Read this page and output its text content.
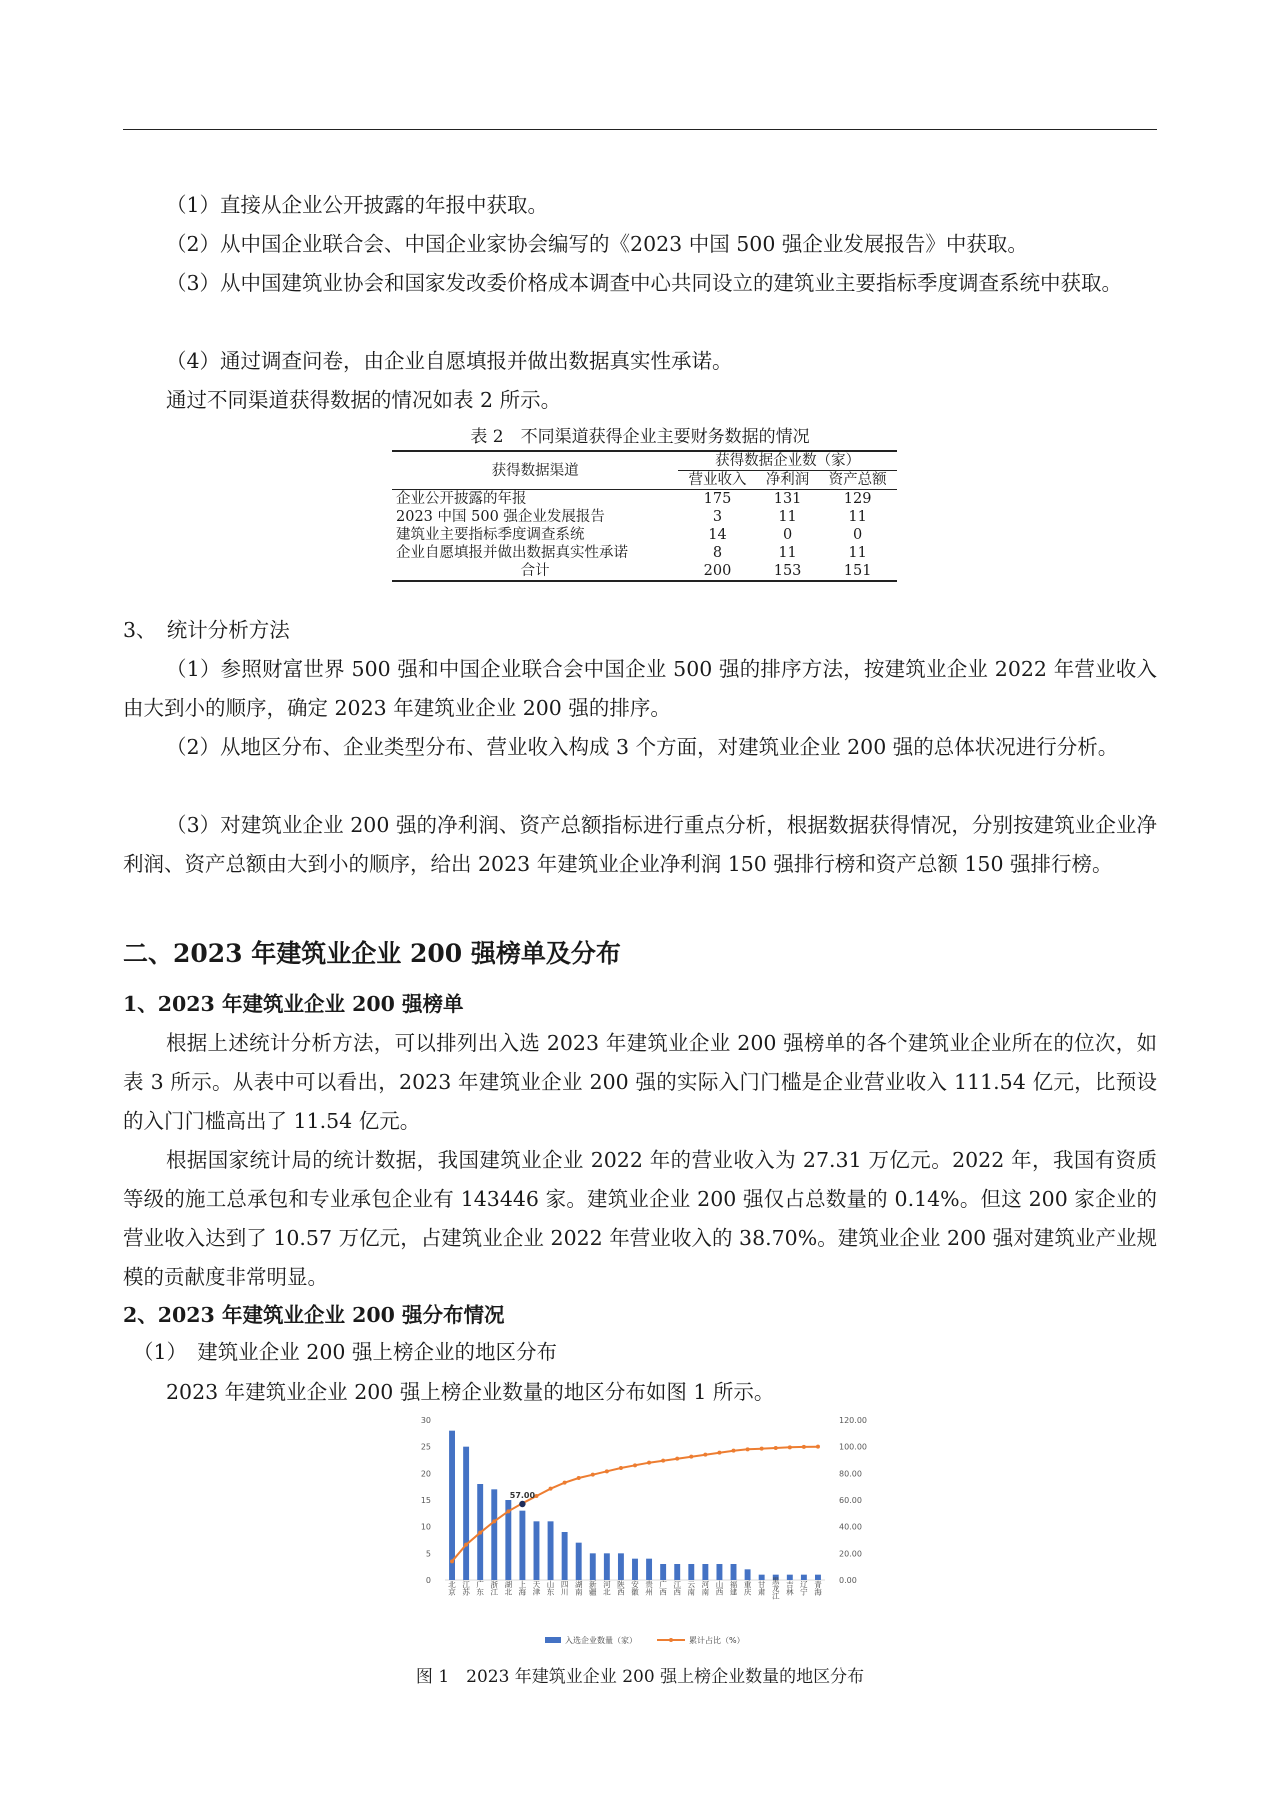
（1）直接从企业公开披露的年报中获取。

（2）从中国企业联合会、中国企业家协会编写的《2023 中国 500 强企业发展报告》中获取。

（3）从中国建筑业协会和国家发改委价格成本调查中心共同设立的建筑业主要指标季度调查系统中获取。

（4）通过调查问卷，由企业自愿填报并做出数据真实性承诺。

通过不同渠道获得数据的情况如表 2 所示。

表 2　不同渠道获得企业主要财务数据的情况
获得数据渠道	获得数据企业数（家）		
	营业收入	净利润	资产总额
企业公开披露的年报	175	131	129
2023 中国 500 强企业发展报告	3	11	11
建筑业主要指标季度调查系统	14	0	0
企业自愿填报并做出数据真实性承诺	8	11	11
合计	200	153	151
3、　统计分析方法

（1）参照财富世界 500 强和中国企业联合会中国企业 500 强的排序方法，按建筑业企业 2022 年营业收入由大到小的顺序，确定 2023 年建筑业企业 200 强的排序。

（2）从地区分布、企业类型分布、营业收入构成 3 个方面，对建筑业企业 200 强的总体状况进行分析。

（3）对建筑业企业 200 强的净利润、资产总额指标进行重点分析，根据数据获得情况，分别按建筑业企业净利润、资产总额由大到小的顺序，给出 2023 年建筑业企业净利润 150 强排行榜和资产总额 150 强排行榜。

二、2023 年建筑业企业 200 强榜单及分布
1、2023 年建筑业企业 200 强榜单

根据上述统计分析方法，可以排列出入选 2023 年建筑业企业 200 强榜单的各个建筑业企业所在的位次，如表 3 所示。从表中可以看出，2023 年建筑业企业 200 强的实际入门门槛是企业营业收入 111.54 亿元，比预设的入门门槛高出了 11.54 亿元。

根据国家统计局的统计数据，我国建筑业企业 2022 年的营业收入为 27.31 万亿元。2022 年，我国有资质等级的施工总承包和专业承包企业有 143446 家。建筑业企业 200 强仅占总数量的 0.14%。但这 200 家企业的营业收入达到了 10.57 万亿元，占建筑业企业 2022 年营业收入的 38.70%。建筑业企业 200 强对建筑业产业规模的贡献度非常明显。

2、2023 年建筑业企业 200 强分布情况
（1）　建筑业企业 200 强上榜企业的地区分布

2023 年建筑业企业 200 强上榜企业数量的地区分布如图 1 所示。

0
5
10
15
20
25
30
0.00
20.00
40.00
60.00
80.00
100.00
120.00
57.00
北京 江苏 广东 浙江 湖北 上海 天津 山东 四川 湖南 新疆 河北 陕西 安徽 贵州 广西 江西 云南 河南 山西 福建 重庆 甘肃 黑龙江 吉林 辽宁 青海
入选企业数量（家）	累计占比（%）
图 1　2023 年建筑业企业 200 强上榜企业数量的地区分布
